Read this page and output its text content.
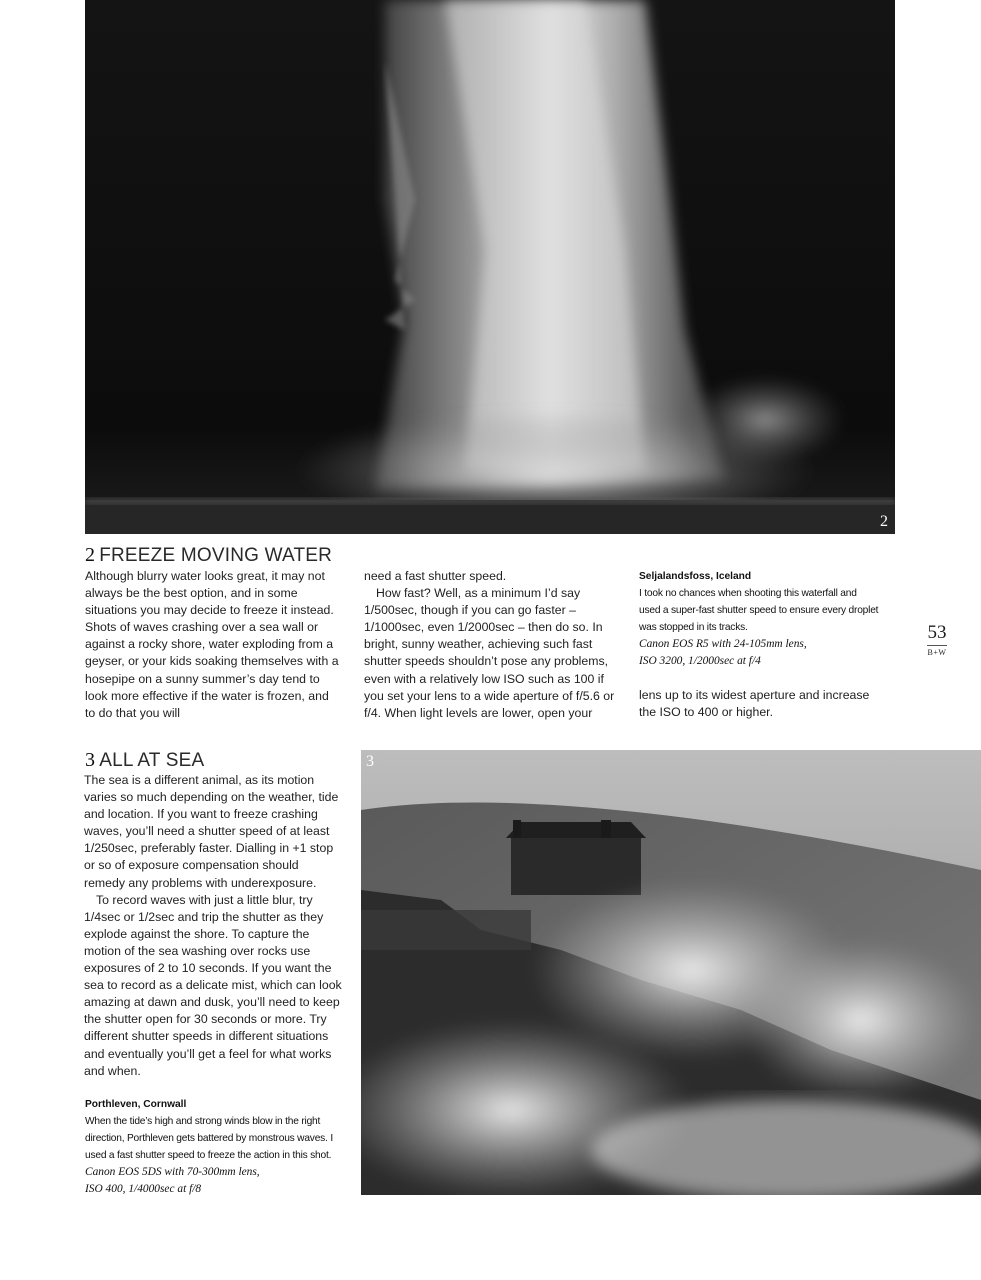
2
2 FREEZE MOVING WATER

Although blurry water looks great, it may not always be the best option, and in some situations you may decide to freeze it instead. Shots of waves crashing over a sea wall or against a rocky shore, water exploding from a geyser, or your kids soaking themselves with a hosepipe on a sunny summer’s day tend to look more effective if the water is frozen, and to do that you will

need a fast shutter speed.

How fast? Well, as a minimum I’d say 1/500sec, though if you can go faster – 1/1000sec, even 1/2000sec – then do so. In bright, sunny weather, achieving such fast shutter speeds shouldn’t pose any problems, even with a relatively low ISO such as 100 if you set your lens to a wide aperture of f/5.6 or f/4. When light levels are lower, open your

Seljalandsfoss, Iceland
I took no chances when shooting this waterfall and used a super-fast shutter speed to ensure every droplet was stopped in its tracks.
Canon EOS R5 with 24-105mm lens,
ISO 3200, 1/2000sec at f/4

lens up to its widest aperture and increase the ISO to 400 or higher.

53
B+W
3 ALL AT SEA

The sea is a different animal, as its motion varies so much depending on the weather, tide and location. If you want to freeze crashing waves, you’ll need a shutter speed of at least 1/250sec, preferably faster. Dialling in +1 stop or so of exposure compensation should remedy any problems with underexposure.

To record waves with just a little blur, try 1/4sec or 1/2sec and trip the shutter as they explode against the shore. To capture the motion of the sea washing over rocks use exposures of 2 to 10 seconds. If you want the sea to record as a delicate mist, which can look amazing at dawn and dusk, you’ll need to keep the shutter open for 30 seconds or more. Try different shutter speeds in different situations and eventually you’ll get a feel for what works and when.

Porthleven, Cornwall
When the tide’s high and strong winds blow in the right direction, Porthleven gets battered by monstrous waves. I used a fast shutter speed to freeze the action in this shot.
Canon EOS 5DS with 70-300mm lens,
ISO 400, 1/4000sec at f/8
3
